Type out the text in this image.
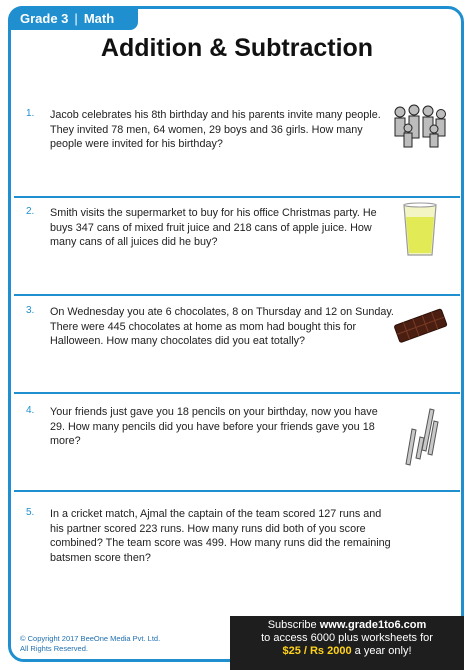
Grade 3 | Math
Addition & Subtraction
1. Jacob celebrates his 8th birthday and his parents invite many people. They invited 78 men, 64 women, 29 boys and 36 girls. How many people were invited for his birthday?
2. Smith visits the supermarket to buy for his office Christmas party. He buys 347 cans of mixed fruit juice and 218 cans of apple juice. How many cans of all juices did he buy?
3. On Wednesday you ate 6 chocolates, 8 on Thursday and 12 on Sunday. There were 445 chocolates at home as mom had bought this for Halloween. How many chocolates did you eat totally?
4. Your friends just gave you 18 pencils on your birthday, now you have 29. How many pencils did you have before your friends gave you 18 more?
5. In a cricket match, Ajmal the captain of the team scored 127 runs and his partner scored 223 runs. How many runs did both of you score combined? The team score was 499. How many runs did the remaining batsmen score then?
© Copyright 2017 BeeOne Media Pvt. Ltd.
All Rights Reserved.
Subscribe www.grade1to6.com
to access 6000 plus worksheets for
$25 / Rs 2000 a year only!
